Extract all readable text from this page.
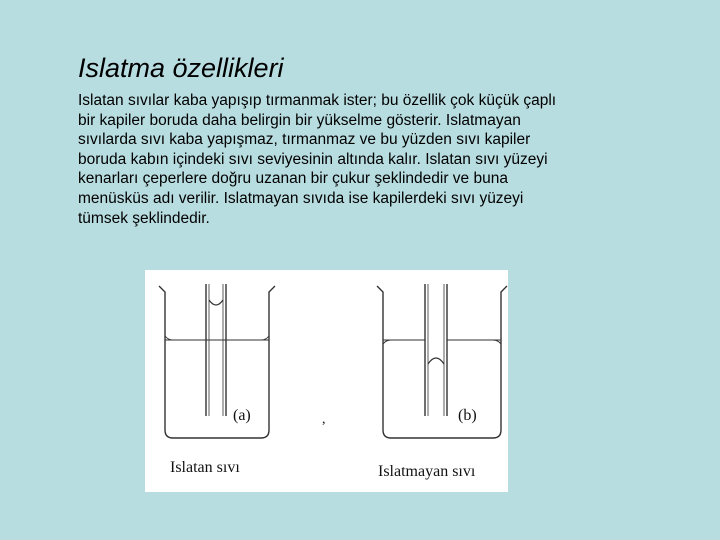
Islatma özellikleri
Islatan sıvılar kaba yapışıp tırmanmak ister; bu özellik çok küçük çaplı bir kapiler boruda daha belirgin bir yükselme gösterir. Islatmayan sıvılarda sıvı kaba yapışmaz, tırmanmaz ve bu yüzden sıvı kapiler boruda kabın içindeki sıvı seviyesinin altında kalır. Islatan sıvı yüzeyi kenarları çeperlere doğru uzanan bir çukur şeklindedir ve buna menüsküs adı verilir. Islatmayan sıvıda ise kapilerdeki sıvı yüzeyi tümsek şeklindedir.
(a)	,	(b)
Islatan sıvı	Islatmayan sıvı
